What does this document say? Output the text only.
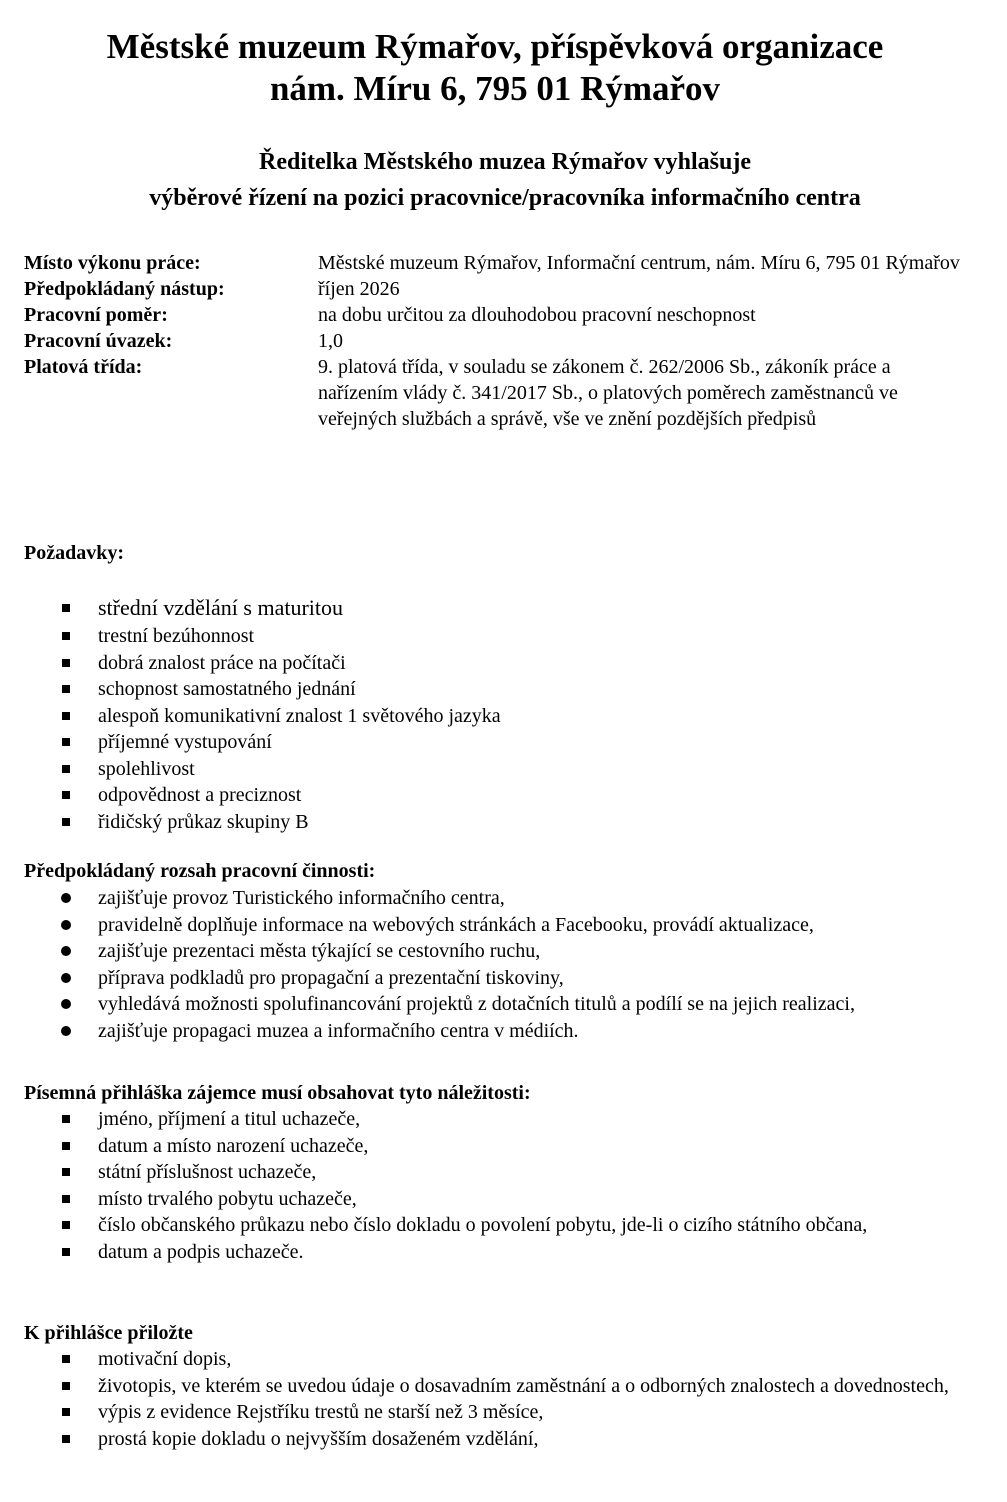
Městské muzeum Rýmařov, příspěvková organizace
nám. Míru 6, 795 01 Rýmařov
Ředitelka Městského muzea Rýmařov vyhlašuje
výběrové řízení na pozici pracovnice/pracovníka informačního centra
Místo výkonu práce:	Městské muzeum Rýmařov, Informační centrum, nám. Míru 6, 795 01 Rýmařov
Předpokládaný nástup:	říjen 2026
Pracovní poměr:	na dobu určitou za dlouhodobou pracovní neschopnost
Pracovní úvazek:	1,0
Platová třída:	9. platová třída, v souladu se zákonem č. 262/2006 Sb., zákoník práce a nařízením vlády č. 341/2017 Sb., o platových poměrech zaměstnanců ve veřejných službách a správě, vše ve znění pozdějších předpisů
Požadavky:
střední vzdělání s maturitou
trestní bezúhonnost
dobrá znalost práce na počítači
schopnost samostatného jednání
alespoň komunikativní znalost 1 světového jazyka
příjemné vystupování
spolehlivost
odpovědnost a preciznost
řidičský průkaz skupiny B
Předpokládaný rozsah pracovní činnosti:
zajišťuje provoz Turistického informačního centra,
pravidelně doplňuje informace na webových stránkách a Facebooku, provádí aktualizace,
zajišťuje prezentaci města týkající se cestovního ruchu,
příprava podkladů pro propagační a prezentační tiskoviny,
vyhledává možnosti spolufinancování projektů z dotačních titulů a podílí se na jejich realizaci,
zajišťuje propagaci muzea a informačního centra v médiích.
Písemná přihláška zájemce musí obsahovat tyto náležitosti:
jméno, příjmení a titul uchazeče,
datum a místo narození uchazeče,
státní příslušnost uchazeče,
místo trvalého pobytu uchazeče,
číslo občanského průkazu nebo číslo dokladu o povolení pobytu, jde-li o cizího státního občana,
datum a podpis uchazeče.
K přihlášce přiložte
motivační dopis,
životopis, ve kterém se uvedou údaje o dosavadním zaměstnání a o odborných znalostech a dovednostech,
výpis z evidence Rejstříku trestů ne starší než 3 měsíce,
prostá kopie dokladu o nejvyšším dosaženém vzdělání,
